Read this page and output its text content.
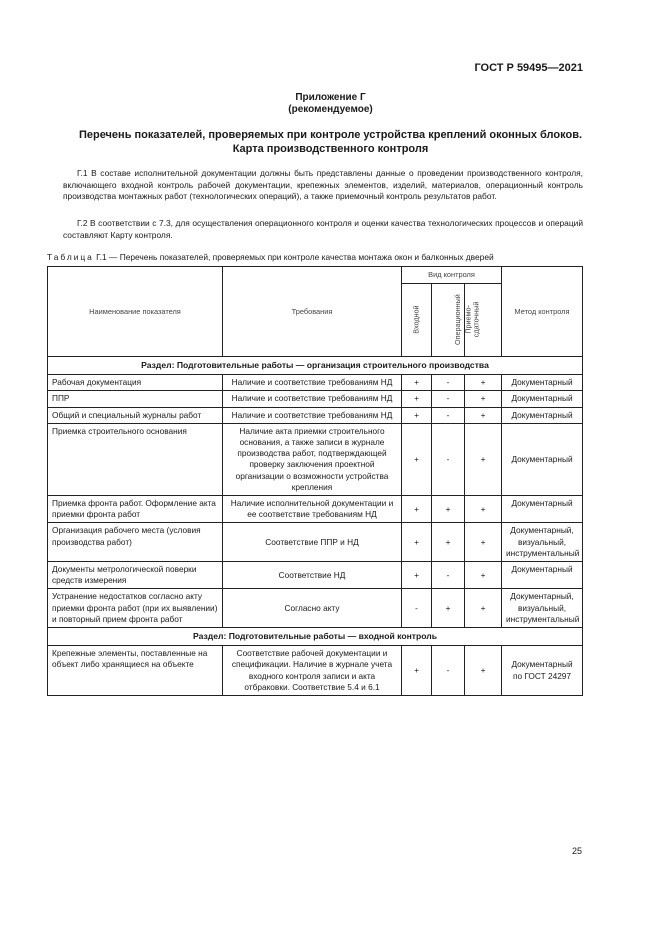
ГОСТ Р 59495—2021
Приложение Г
(рекомендуемое)
Перечень показателей, проверяемых при контроле устройства креплений оконных блоков.
Карта производственного контроля
Г.1 В составе исполнительной документации должны быть представлены данные о проведении производственного контроля, включающего входной контроль рабочей документации, крепежных элементов, изделий, материалов, операционный контроль производства монтажных работ (технологических операций), а также приемочный контроль результатов работ.
Г.2 В соответствии с 7.3, для осуществления операционного контроля и оценки качества технологических процессов и операций составляют Карту контроля.
Таблица Г.1 — Перечень показателей, проверяемых при контроле качества монтажа окон и балконных дверей
Наименование показателя	Требования	Вид контроля			Метод контроля
		Входной	Операционный	Приемо- сдаточный	

Раздел: Подготовительные работы — организация строительного производства					
Рабочая документация	Наличие и соответствие требованиям НД	+	-	+	Документарный
ППР	Наличие и соответствие требованиям НД	+	-	+	Документарный
Общий и специальный журналы работ	Наличие и соответствие требованиям НД	+	-	+	Документарный
Приемка строительного основания	Наличие акта приемки строительного основания, а также записи в журнале производства работ, подтверждающей проверку заключения проектной организации о возможности устройства крепления	+	-	+	Документарный
Приемка фронта работ. Оформление акта приемки фронта работ	Наличие исполнительной документации и ее соответствие требованиям НД	+	+	+	Документарный
Организация рабочего места (условия производства работ)	Соответствие ППР и НД	+	+	+	Документарный, визуальный, инструментальный
Документы метрологической поверки средств измерения	Соответствие НД	+	-	+	Документарный
Устранение недостатков согласно акту приемки фронта работ (при их выявлении) и повторный прием фронта работ	Согласно акту	-	+	+	Документарный, визуальный, инструментальный
Раздел: Подготовительные работы — входной контроль					
Крепежные элементы, поставленные на объект либо хранящиеся на объекте	Соответствие рабочей документации и спецификации. Наличие в журнале учета входного контроля записи и акта отбраковки. Соответствие 5.4 и 6.1	+	-	+	Документарный по ГОСТ 24297
25
